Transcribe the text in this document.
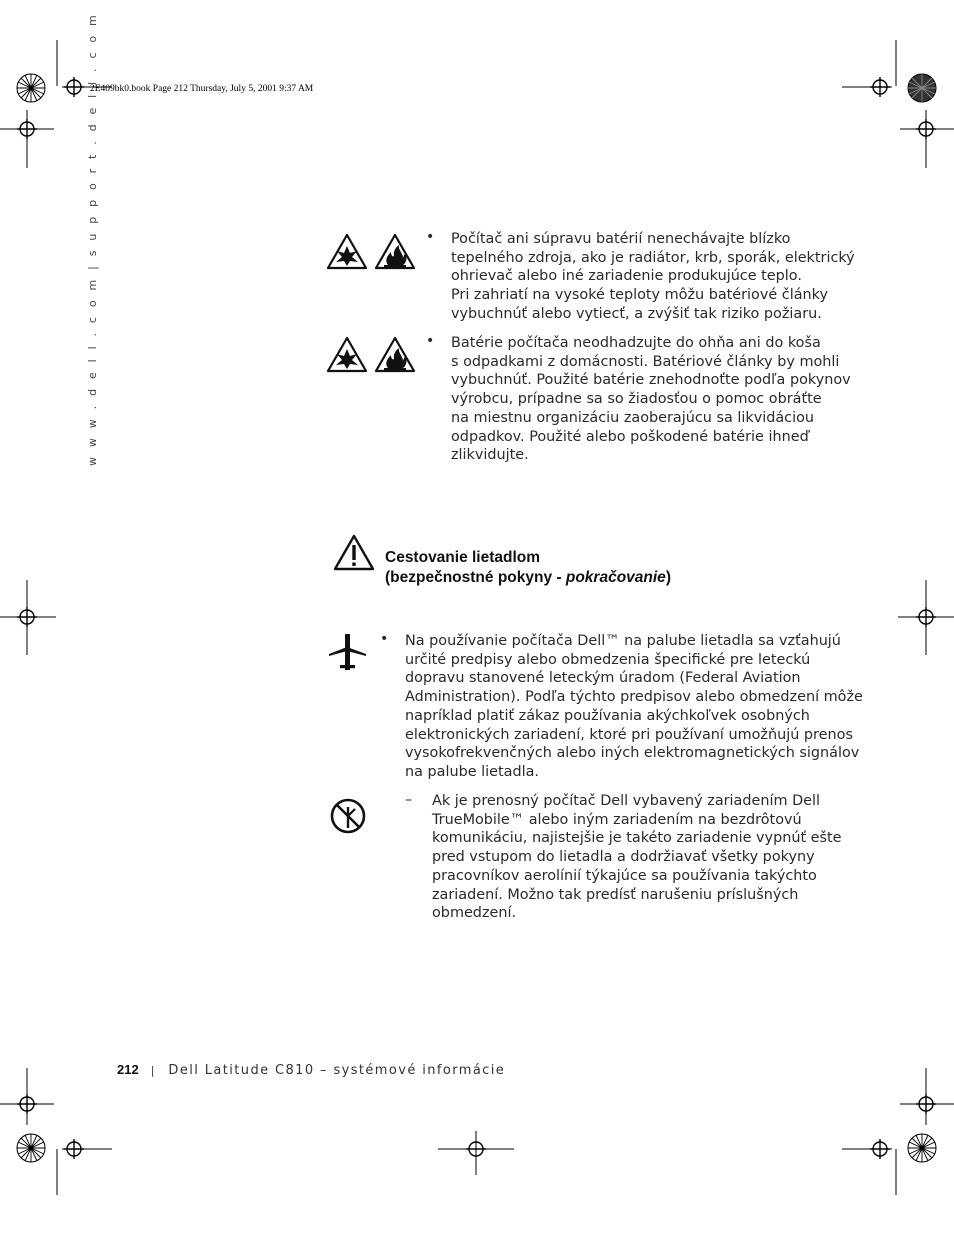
2E409bk0.book Page 212 Thursday, July 5, 2001 9:37 AM
w w w . d e l l . c o m | s u p p o r t . d e l l . c o m	• Počítač ani súpravu batérií nenechávajte blízko
tepelného zdroja, ako je radiátor, krb, sporák, elektrický
ohrievač alebo iné zariadenie produkujúce teplo.
Pri zahriatí na vysoké teploty môžu batériové články
vybuchnúť alebo vytiecť, a zvýšiť tak riziko požiaru.
• Batérie počítača neodhadzujte do ohňa ani do koša
s odpadkami z domácnosti. Batériové články by mohli
vybuchnúť. Použité batérie znehodnoťte podľa pokynov
výrobcu, prípadne sa so žiadosťou o pomoc obráťte
na miestnu organizáciu zaoberajúcu sa likvidáciou
odpadkov. Použité alebo poškodené batérie ihneď
zlikvidujte.
Cestovanie lietadlom
(bezpečnostné pokyny - pokračovanie)
• Na používanie počítača Dell™ na palube lietadla sa vzťahujú
určité predpisy alebo obmedzenia špecifické pre leteckú
dopravu stanovené leteckým úradom (Federal Aviation
Administration). Podľa týchto predpisov alebo obmedzení môže
napríklad platiť zákaz používania akýchkoľvek osobných
elektronických zariadení, ktoré pri používaní umožňujú prenos
vysokofrekvenčných alebo iných elektromagnetických signálov
na palube lietadla.
– Ak je prenosný počítač Dell vybavený zariadením Dell
TrueMobile™ alebo iným zariadením na bezdrôtovú
komunikáciu, najistejšie je takéto zariadenie vypnúť ešte
pred vstupom do lietadla a dodržiavať všetky pokyny
pracovníkov aerolínií týkajúce sa používania takýchto
zariadení. Možno tak predísť narušeniu príslušných
obmedzení.
212 | Dell Latitude C810 – systémové informácie
